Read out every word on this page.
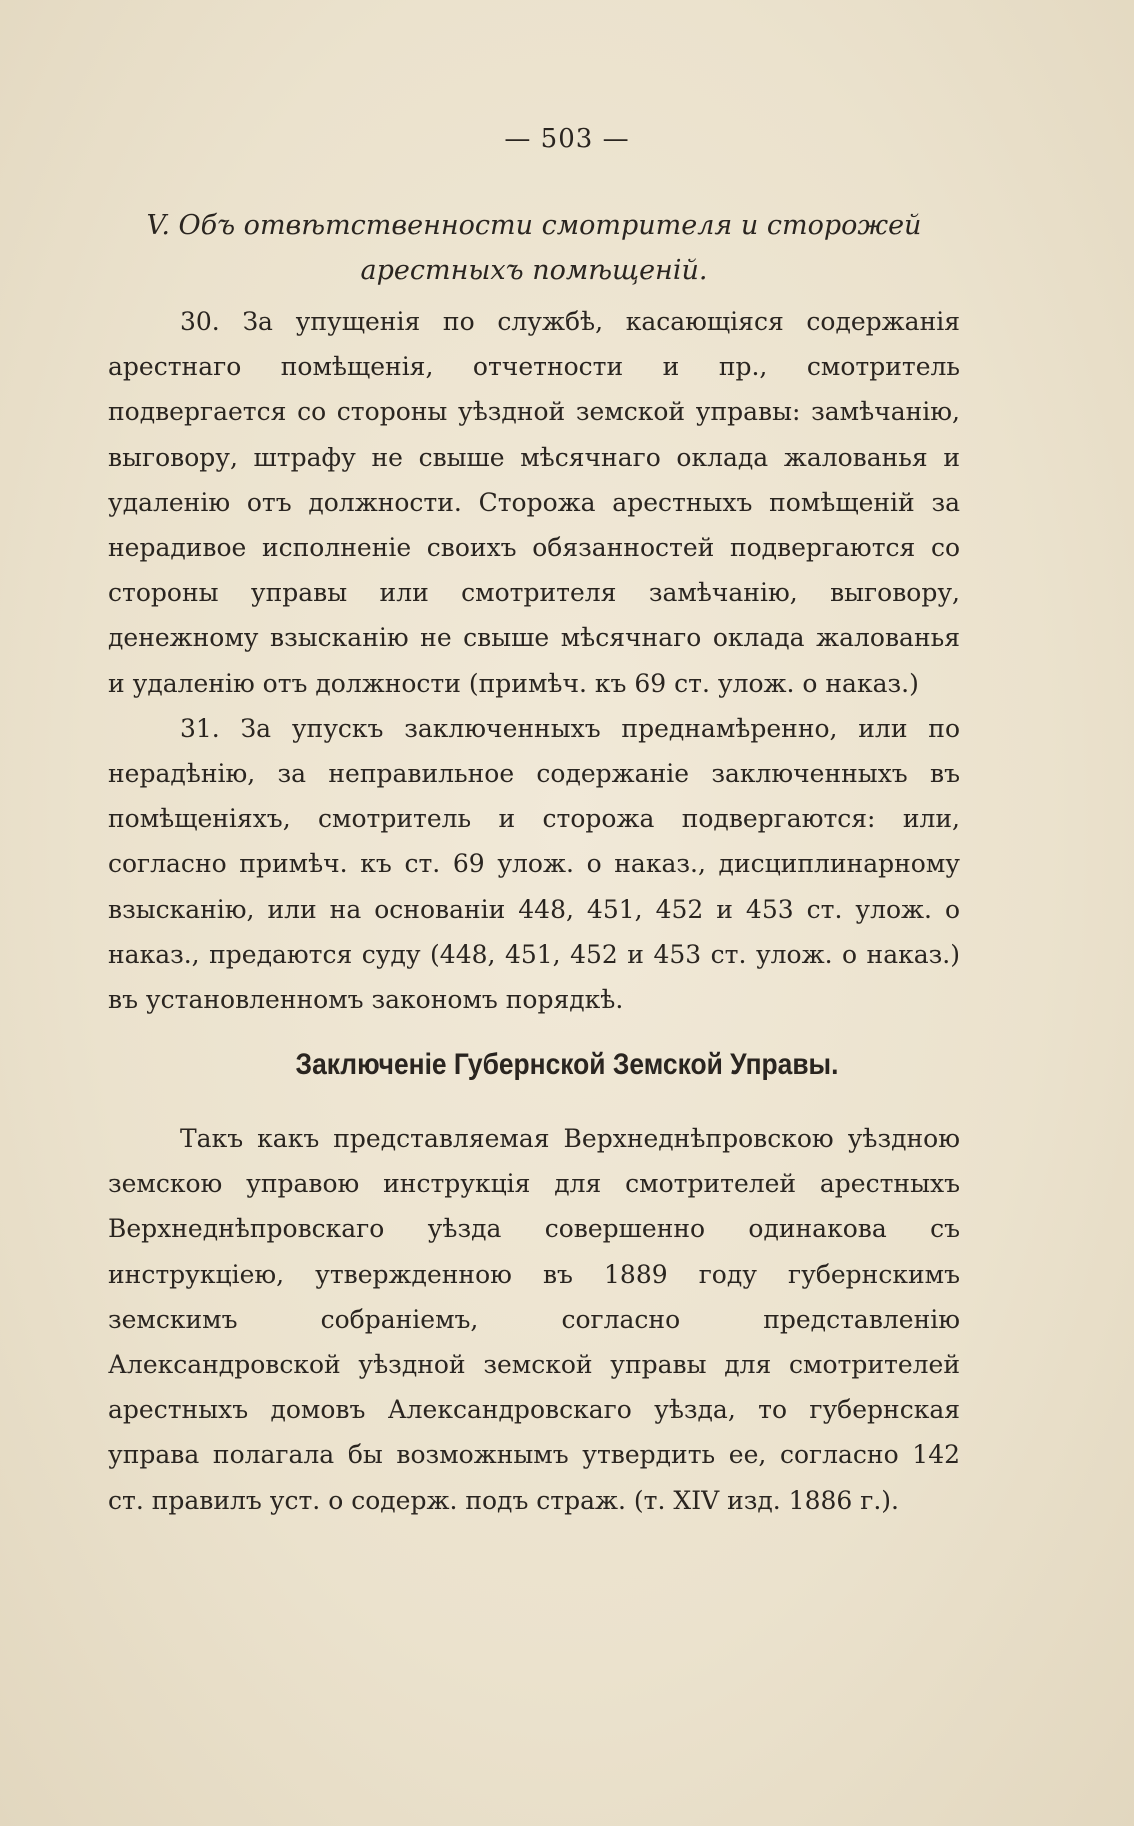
— 503 —
V. Объ отвѣтственности смотрителя и сторожей арестныхъ помѣщеній.

30. За упущенія по службѣ, касающіяся содержанія арестнаго помѣщенія, отчетности и пр., смотритель подвергается со стороны уѣздной земской управы: замѣчанію, выговору, штрафу не свыше мѣсячнаго оклада жалованья и удаленію отъ должности. Сторожа арестныхъ помѣщеній за нерадивое исполненіе своихъ обязанностей подвергаются со стороны управы или смотрителя замѣчанію, выговору, денежному взысканію не свыше мѣсячнаго оклада жалованья и удаленію отъ должности (примѣч. къ 69 ст. улож. о наказ.)

31. За упускъ заключенныхъ преднамѣренно, или по нерадѣнію, за неправильное содержаніе заключенныхъ въ помѣщеніяхъ, смотритель и сторожа подвергаются: или, согласно примѣч. къ ст. 69 улож. о наказ., дисциплинарному взысканію, или на основаніи 448, 451, 452 и 453 ст. улож. о наказ., предаются суду (448, 451, 452 и 453 ст. улож. о наказ.) въ установленномъ закономъ порядкѣ.

Заключеніе Губернской Земской Управы.

Такъ какъ представляемая Верхнеднѣпровскою уѣздною земскою управою инструкція для смотрителей арестныхъ Верхнеднѣпровскаго уѣзда совершенно одинакова съ инструкціею, утвержденною въ 1889 году губернскимъ земскимъ собраніемъ, согласно представленію Александровской уѣздной земской управы для смотрителей арестныхъ домовъ Александровскаго уѣзда, то губернская управа полагала бы возможнымъ утвердить ее, согласно 142 ст. правилъ уст. о содерж. подъ страж. (т. XIV изд. 1886 г.).
